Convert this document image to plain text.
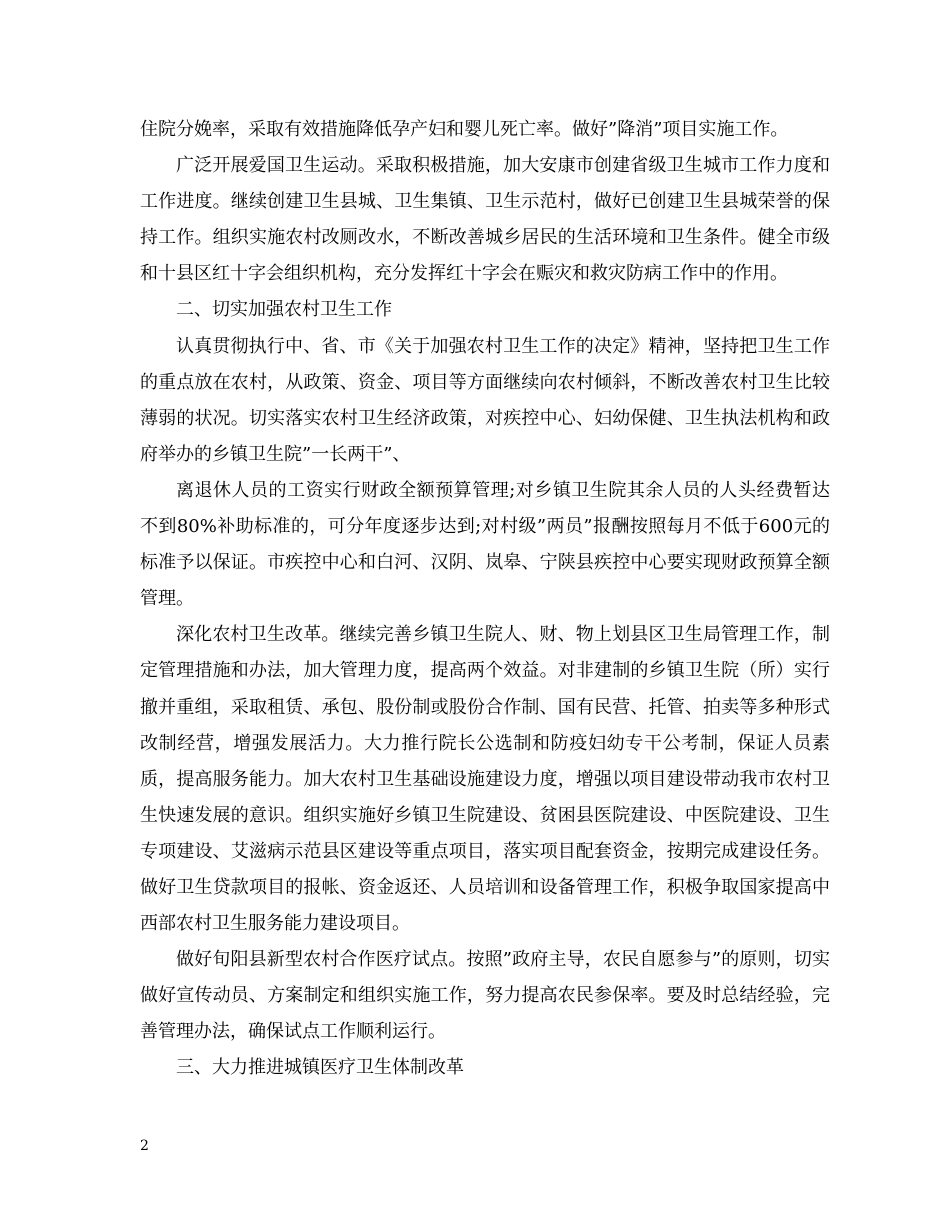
住院分娩率，采取有效措施降低孕产妇和婴儿死亡率。做好”降消”项目实施工作。

广泛开展爱国卫生运动。采取积极措施，加大安康市创建省级卫生城市工作力度和工作进度。继续创建卫生县城、卫生集镇、卫生示范村，做好已创建卫生县城荣誉的保持工作。组织实施农村改厕改水，不断改善城乡居民的生活环境和卫生条件。健全市级和十县区红十字会组织机构，充分发挥红十字会在赈灾和救灾防病工作中的作用。

二、切实加强农村卫生工作

认真贯彻执行中、省、市《关于加强农村卫生工作的决定》精神，坚持把卫生工作的重点放在农村，从政策、资金、项目等方面继续向农村倾斜，不断改善农村卫生比较薄弱的状况。切实落实农村卫生经济政策，对疾控中心、妇幼保健、卫生执法机构和政府举办的乡镇卫生院”一长两干”、

离退休人员的工资实行财政全额预算管理;对乡镇卫生院其余人员的人头经费暂达不到80%补助标准的，可分年度逐步达到;对村级”两员”报酬按照每月不低于600元的标准予以保证。市疾控中心和白河、汉阴、岚皋、宁陕县疾控中心要实现财政预算全额管理。

深化农村卫生改革。继续完善乡镇卫生院人、财、物上划县区卫生局管理工作，制定管理措施和办法，加大管理力度，提高两个效益。对非建制的乡镇卫生院（所）实行撤并重组，采取租赁、承包、股份制或股份合作制、国有民营、托管、拍卖等多种形式改制经营，增强发展活力。大力推行院长公选制和防疫妇幼专干公考制，保证人员素质，提高服务能力。加大农村卫生基础设施建设力度，增强以项目建设带动我市农村卫生快速发展的意识。组织实施好乡镇卫生院建设、贫困县医院建设、中医院建设、卫生专项建设、艾滋病示范县区建设等重点项目，落实项目配套资金，按期完成建设任务。做好卫生贷款项目的报帐、资金返还、人员培训和设备管理工作，积极争取国家提高中西部农村卫生服务能力建设项目。

做好旬阳县新型农村合作医疗试点。按照”政府主导，农民自愿参与”的原则，切实做好宣传动员、方案制定和组织实施工作，努力提高农民参保率。要及时总结经验，完善管理办法，确保试点工作顺利运行。

三、大力推进城镇医疗卫生体制改革

2
